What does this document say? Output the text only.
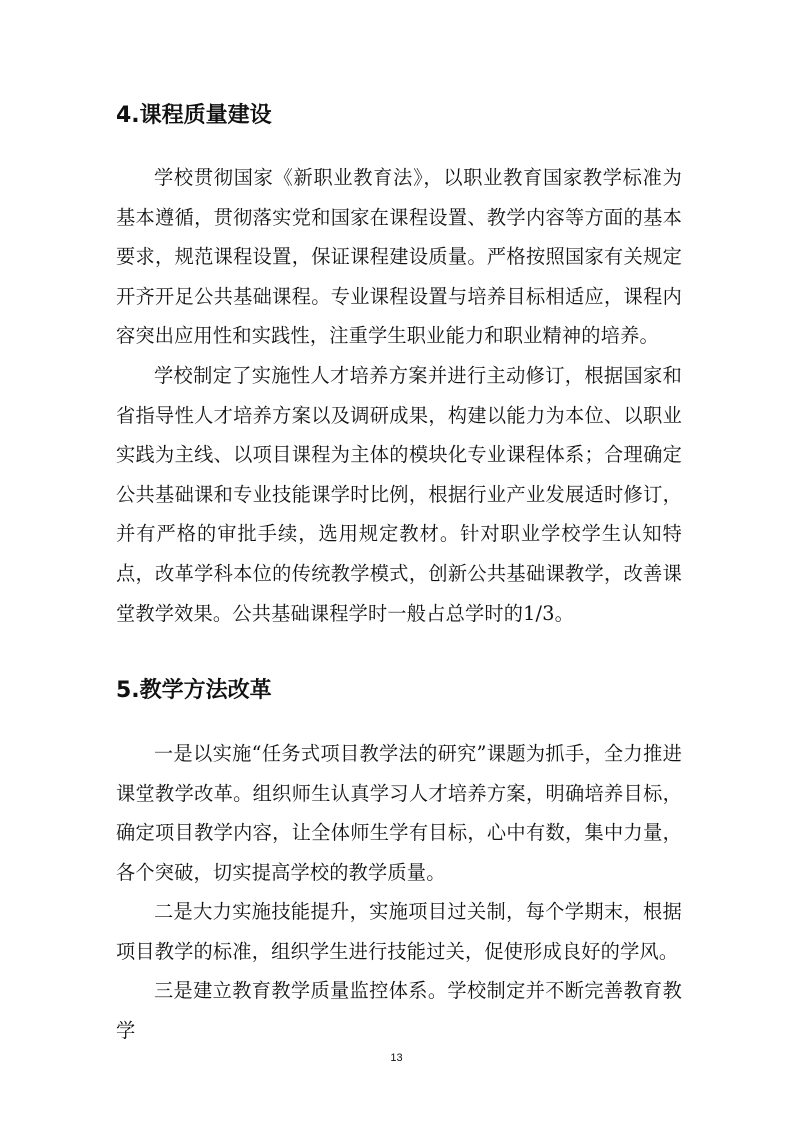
4.课程质量建设

学校贯彻国家《新职业教育法》，以职业教育国家教学标准为基本遵循，贯彻落实党和国家在课程设置、教学内容等方面的基本要求，规范课程设置，保证课程建设质量。严格按照国家有关规定开齐开足公共基础课程。专业课程设置与培养目标相适应，课程内容突出应用性和实践性，注重学生职业能力和职业精神的培养。

学校制定了实施性人才培养方案并进行主动修订，根据国家和省指导性人才培养方案以及调研成果，构建以能力为本位、以职业实践为主线、以项目课程为主体的模块化专业课程体系；合理确定公共基础课和专业技能课学时比例，根据行业产业发展适时修订，并有严格的审批手续，选用规定教材。针对职业学校学生认知特点，改革学科本位的传统教学模式，创新公共基础课教学，改善课堂教学效果。公共基础课程学时一般占总学时的1/3。

5.教学方法改革

一是以实施“任务式项目教学法的研究”课题为抓手，全力推进课堂教学改革。组织师生认真学习人才培养方案，明确培养目标，确定项目教学内容，让全体师生学有目标，心中有数，集中力量，各个突破，切实提高学校的教学质量。

二是大力实施技能提升，实施项目过关制，每个学期末，根据项目教学的标准，组织学生进行技能过关，促使形成良好的学风。

三是建立教育教学质量监控体系。学校制定并不断完善教育教学

13
